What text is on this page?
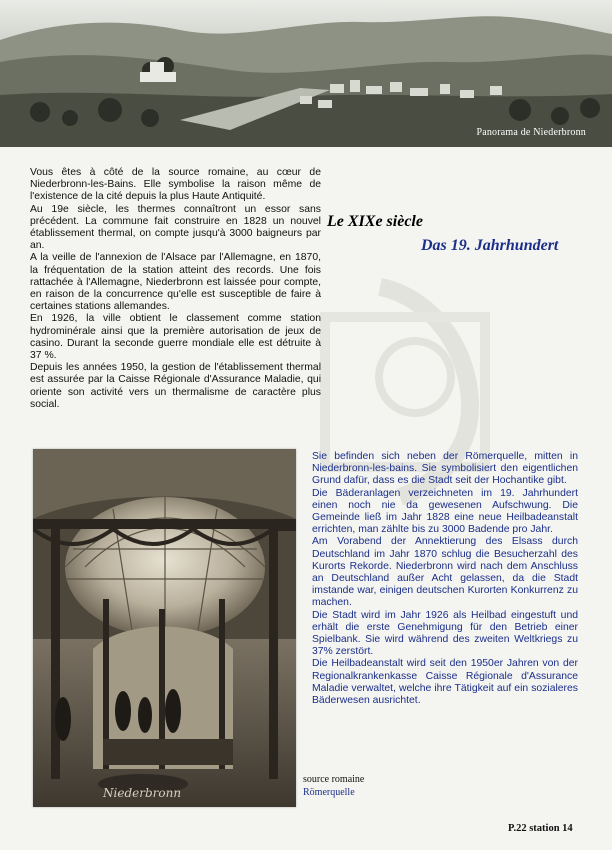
Panorama de Niederbronn

Vous êtes à côté de la source romaine, au cœur de Niederbronn-les-Bains. Elle symbolise la raison même de l'existence de la cité depuis la plus Haute Antiquité.

Au 19e siècle, les thermes connaîtront un essor sans précédent. La commune fait construire en 1828 un nouvel établissement thermal, on compte jusqu'à 3000 baigneurs par an.

A la veille de l'annexion de l'Alsace par l'Allemagne, en 1870, la fréquentation de la station atteint des records. Une fois rattachée à l'Allemagne, Niederbronn est laissée pour compte, en raison de la concurrence qu'elle est susceptible de faire à certaines stations allemandes.

En 1926, la ville obtient le classement comme station hydrominérale ainsi que la première autorisation de jeux de casino. Durant la seconde guerre mondiale elle est détruite à 37 %.

Depuis les années 1950, la gestion de l'établissement thermal est assurée par la Caisse Régionale d'Assurance Maladie, qui oriente son activité vers un thermalisme de caractère plus social.

Le XIXe siècle
Das 19. Jahrhundert
Niederbronn

Sie befinden sich neben der Römerquelle, mitten in Niederbronn-les-bains. Sie symbolisiert den eigentlichen Grund dafür, dass es die Stadt seit der Hochantike gibt.

Die Bäderanlagen verzeichneten im 19. Jahrhundert einen noch nie da gewesenen Aufschwung. Die Gemeinde ließ im Jahr 1828 eine neue Heilbadeanstalt errichten, man zählte bis zu 3000 Badende pro Jahr.

Am Vorabend der Annektierung des Elsass durch Deutschland im Jahr 1870 schlug die Besucherzahl des Kurorts Rekorde. Niederbronn wird nach dem Anschluss an Deutschland außer Acht gelassen, da die Stadt imstande war, einigen deutschen Kurorten Konkurrenz zu machen.

Die Stadt wird im Jahr 1926 als Heilbad eingestuft und erhält die erste Genehmigung für den Betrieb einer Spielbank. Sie wird während des zweiten Weltkriegs zu 37% zerstört.

Die Heilbadeanstalt wird seit den 1950er Jahren von der Regionalkrankenkasse Caisse Régionale d'Assurance Maladie verwaltet, welche ihre Tätigkeit auf ein sozialeres Bäderwesen ausrichtet.

source romaine
Römerquelle
P.22 station 14
